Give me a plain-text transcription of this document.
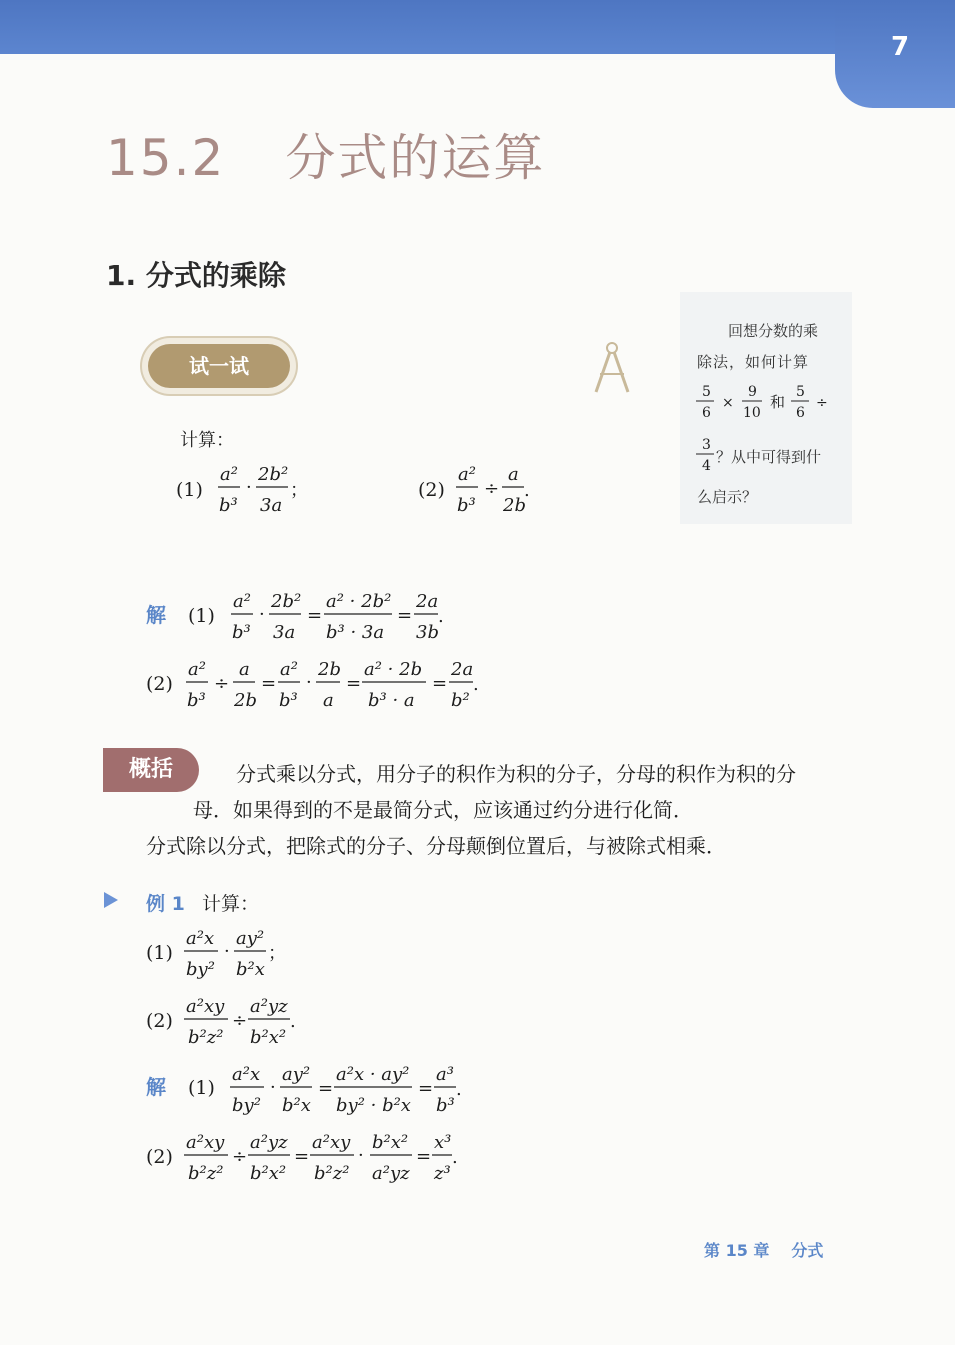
7
15.2 分式的运算
1. 分式的乘除
试一试
回想分数的乘
除法，如何计算
5
6
×
9
10
和
5
6
÷
3
4 ？从中可得到什
么启示？
计算：
(1)
a²
b³
·
2b²
3a
；	(2)
a²
b³
÷
a
2b
.
解 (1)
a²
b³
·
2b²
3a
=
a² · 2b²
b³ · 3a
=
2a
3b
.
(2)
a²
b³
÷
a
2b
=
a²
b³
·
2b
a
=
a² · 2b
b³ · a
=
2a
b²
.
概括	分式乘以分式，用分子的积作为积的分子，分母的积作为积的分
母．如果得到的不是最简分式，应该通过约分进行化简．
分式除以分式，把除式的分子、分母颠倒位置后，与被除式相乘．
例 1 计算：
(1)
a²x
by²
·
ay²
b²x
；
(2)
a²xy
b²z²
÷
a²yz
b²x²
.
解 (1)
a²x
by²
·
ay²
b²x
=
a²x · ay²
by² · b²x
=
a³
b³
.
(2)
a²xy
b²z²
÷
a²yz
b²x²
=
a²xy
b²z²
·
b²x²
a²yz
=
x³
z³
.
第 15 章 分式
